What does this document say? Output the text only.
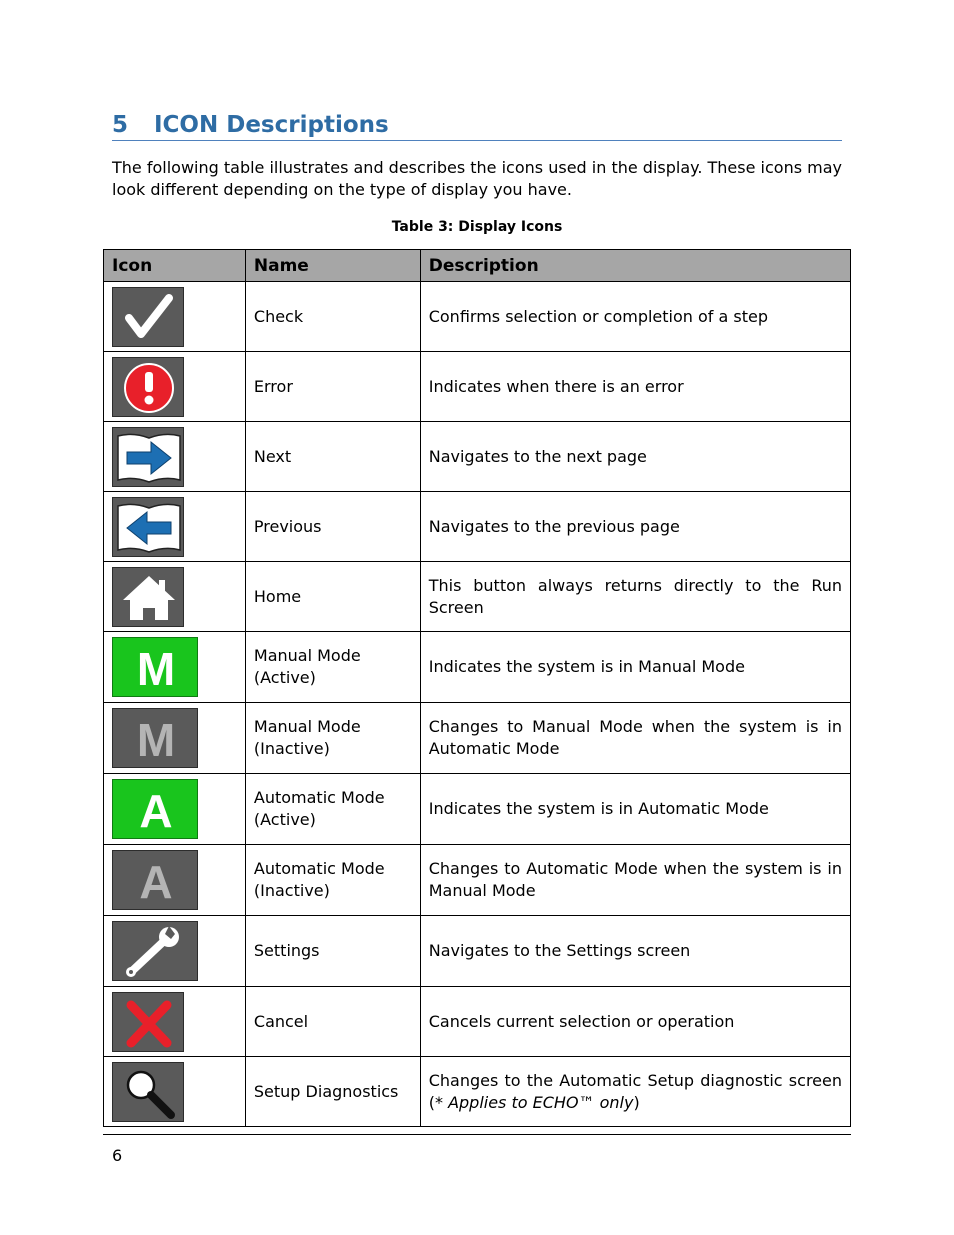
5 ICON Descriptions
The following table illustrates and describes the icons used in the display. These icons may look different depending on the type of display you have.
Table 3: Display Icons
Icon	Name	Description

	Check	Confirms selection or completion of a step

	Error	Indicates when there is an error

	Next	Navigates to the next page

	Previous	Navigates to the previous page

	Home	This button always returns directly to the Run Screen

M	Manual Mode (Active)	Indicates the system is in Manual Mode

M	Manual Mode (Inactive)	Changes to Manual Mode when the system is in Automatic Mode

A	Automatic Mode (Active)	Indicates the system is in Automatic Mode

A	Automatic Mode (Inactive)	Changes to Automatic Mode when the system is in Manual Mode

	Settings	Navigates to the Settings screen

	Cancel	Cancels current selection or operation

	Setup Diagnostics	Changes to the Automatic Setup diagnostic screen (* Applies to ECHO™ only)
6
